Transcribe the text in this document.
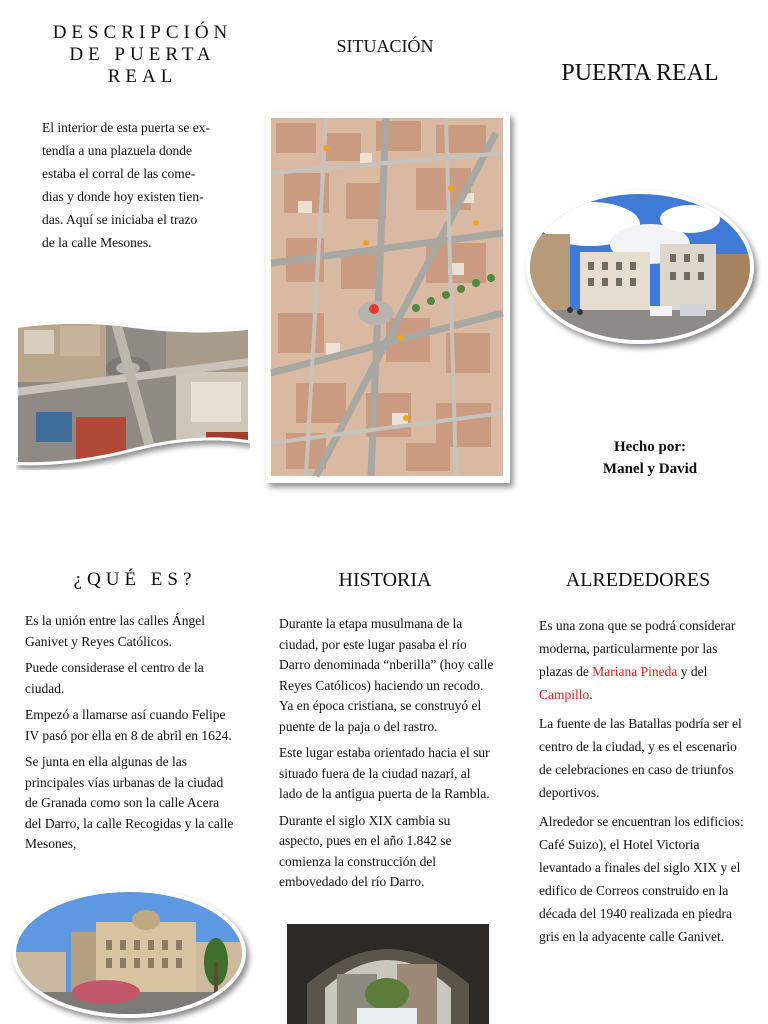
DESCRIPCIÓN
DE PUERTA
REAL
El interior de esta puerta se ex-
tendía a una plazuela donde
estaba el corral de las come-
dias y donde hoy existen tien-
das. Aquí se iniciaba el trazo
de la calle Mesones.
SITUACIÓN
PUERTA REAL
Hecho por:
Manel y David
¿QUÉ ES?

Es la unión entre las calles Ángel Ganivet y Reyes Católicos.

Puede considerase el centro de la ciudad.

Empezó a llamarse así cuando Felipe IV pasó por ella en 8 de abril en 1624.

Se junta en ella algunas de las principales vías urbanas de la ciudad de Granada como son la calle Acera del Darro, la calle Recogidas y la calle Mesones,

HISTORIA

Durante la etapa musulmana de la ciudad, por este lugar pasaba el río Darro denominada “nberilla” (hoy calle Reyes Católicos) haciendo un recodo. Ya en época cristiana, se construyó el puente de la paja o del rastro.

Este lugar estaba orientado hacia el sur situado fuera de la ciudad nazarí, al lado de la antigua puerta de la Rambla.

Durante el siglo XIX cambia su aspecto, pues en el año 1.842 se comienza la construcción del embovedado del río Darro.

ALREDEDORES

Es una zona que se podrá considerar moderna, particularmente por las plazas de Mariana Pineda y del Campillo.

La fuente de las Batallas podría ser el centro de la ciudad, y es el escenario de celebraciones en caso de triunfos deportivos.

Alrededor se encuentran los edificios: Café Suizo), el Hotel Victoria levantado a finales del siglo XIX y el edifico de Correos construido en la década del 1940 realizada en piedra gris en la adyacente calle Ganivet.
